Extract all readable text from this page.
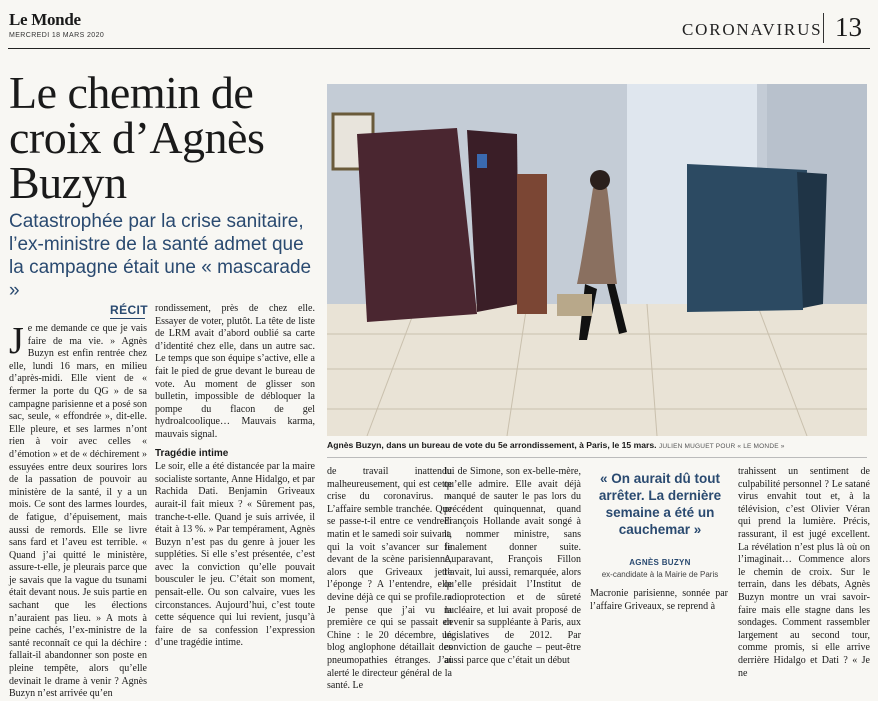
Le Monde
MERCREDI 18 MARS 2020	CORONAVIRUS 13
Le chemin de croix d’Agnès Buzyn
Catastrophée par la crise sanitaire, l’ex-ministre de la santé admet que la campagne était une « mascarade »
Agnès Buzyn, dans un bureau de vote du 5e arrondissement, à Paris, le 15 mars. JULIEN MUGUET POUR « LE MONDE »
RÉCIT
J e me demande ce que je vais faire de ma vie. » Agnès Buzyn est enfin rentrée chez elle, lundi 16 mars, en milieu d’après-midi. Elle vient de « fermer la porte du QG » de sa campagne parisienne et a posé son sac, seule, « effondrée », dit-elle. Elle pleure, et ses larmes n’ont rien à voir avec celles « d’émotion » et de « déchirement » essuyées entre deux sourires lors de la passation de pouvoir au ministère de la santé, il y a un mois. Ce sont des larmes lourdes, de fatigue, d’épuisement, mais aussi de remords. Elle se livre sans fard et l’aveu est terrible. « Quand j’ai quitté le ministère, assure-t-elle, je pleurais parce que je savais que la vague du tsunami était devant nous. Je suis partie en sachant que les élections n’auraient pas lieu. » A mots à peine cachés, l’ex-ministre de la santé reconnaît ce qui la déchire : fallait-il abandonner son poste en pleine tempête, alors qu’elle devinait le drame à venir ? Agnès Buzyn n’est arrivée qu’en

rondissement, près de chez elle. Essayer de voter, plutôt. La tête de liste de LRM avait d’abord oublié sa carte d’identité chez elle, dans un autre sac. Le temps que son équipe s’active, elle a fait le pied de grue devant le bureau de vote. Au moment de glisser son bulletin, impossible de débloquer la pompe du flacon de gel hydroalcoolique… Mauvais karma, mauvais signal.

Tragédie intime

Le soir, elle a été distancée par la maire socialiste sortante, Anne Hidalgo, et par Rachida Dati. Benjamin Griveaux aurait-il fait mieux ? « Sûrement pas, tranche-t-elle. Quand je suis arrivée, il était à 13 %. » Par tempérament, Agnès Buzyn n’est pas du genre à jouer les suppléties. Si elle s’est présentée, c’est avec la conviction qu’elle pouvait bousculer le jeu. C’était son moment, pensait-elle. Ou son calvaire, vues les circonstances. Aujourd’hui, c’est toute cette séquence qui lui revient, jusqu’à faire de sa confession l’expression d’une tragédie intime.

de travail inattendu malheureusement, qui est cette crise du coronavirus. » L’affaire semble tranchée. Que se passe-t-il entre ce vendredi matin et le samedi soir suivant, qui la voit s’avancer sur le devant de la scène parisienne, alors que Griveaux jette l’éponge ? A l’entendre, elle devine déjà ce qui se profile. « Je pense que j’ai vu la première ce qui se passait en Chine : le 20 décembre, un blog anglophone détaillait des pneumopathies étranges. J’ai alerté le directeur général de la santé. Le

lui de Simone, son ex-belle-mère, qu’elle admire. Elle avait déjà manqué de sauter le pas lors du précédent quinquennat, quand François Hollande avait songé à la nommer ministre, sans finalement donner suite. Auparavant, François Fillon l’avait, lui aussi, remarquée, alors qu’elle présidait l’Institut de radioprotection et de sûreté nucléaire, et lui avait proposé de devenir sa suppléante à Paris, aux législatives de 2012. Par conviction de gauche – peut-être aussi parce que c’était un début

« On aurait dû tout arrêter. La dernière semaine a été un cauchemar »
AGNÈS BUZYN
ex-candidate à la Mairie de Paris

Macronie parisienne, sonnée par l’affaire Griveaux, se reprend à

trahissent un sentiment de culpabilité personnel ? Le satané virus envahit tout et, à la télévision, c’est Olivier Véran qui prend la lumière. Précis, rassurant, il est jugé excellent. La révélation n’est plus là où on l’imaginait… Commence alors le chemin de croix. Sur le terrain, dans les débats, Agnès Buzyn montre un vrai savoir-faire mais elle stagne dans les sondages. Comment rassembler largement au second tour, comme promis, si elle arrive derrière Hidalgo et Dati ? « Je ne
